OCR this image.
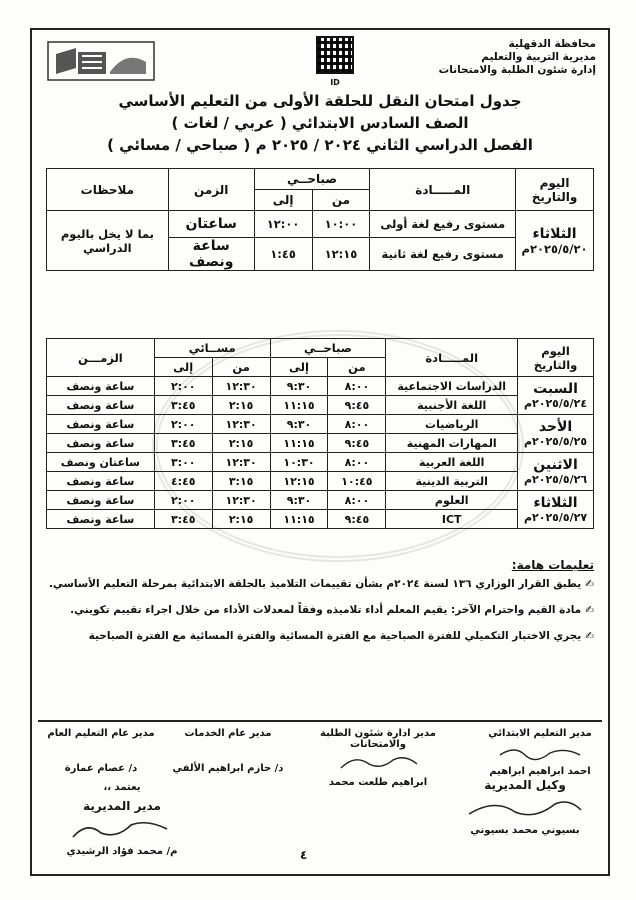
ID
محافظة الدقهلية
مديرية التربية والتعليم
إدارة شئون الطلبة والامتحانات
جدول امتحان النقل للحلقة الأولى من التعليم الأساسي
الصف السادس الابتدائي ( عربي / لغات )
الفصل الدراسي الثاني ٢٠٢٤ / ٢٠٢٥ م ( صباحي / مسائي )
اليوم والتاريخ	المـــــادة	صباحــي		الزمن	ملاحظات
		من	إلى		

الثلاثاء
٢٠٢٥/٥/٢٠م	مستوى رفيع لغة أولى	١٠:٠٠	١٢:٠٠	ساعتان	بما لا يخل باليوم الدراسي
	مستوى رفيع لغة ثانية	١٢:١٥	١:٤٥	ساعة ونصف	
اليوم والتاريخ	المـــــادة	صباحــي		مســائي		الزمـــن
		من	إلى	من	إلى	

السبت
٢٠٢٥/٥/٢٤م	الدراسات الاجتماعية	٨:٠٠	٩:٣٠	١٢:٣٠	٢:٠٠	ساعة ونصف
	اللغة الأجنبية	٩:٤٥	١١:١٥	٢:١٥	٣:٤٥	ساعة ونصف

الأحد
٢٠٢٥/٥/٢٥م	الرياضيات	٨:٠٠	٩:٣٠	١٢:٣٠	٢:٠٠	ساعة ونصف
	المهارات المهنية	٩:٤٥	١١:١٥	٢:١٥	٣:٤٥	ساعة ونصف

الاثنين
٢٠٢٥/٥/٢٦م	اللغة العربية	٨:٠٠	١٠:٣٠	١٢:٣٠	٣:٠٠	ساعتان ونصف
	التربية الدينية	١٠:٤٥	١٢:١٥	٣:١٥	٤:٤٥	ساعة ونصف

الثلاثاء
٢٠٢٥/٥/٢٧م	العلوم	٨:٠٠	٩:٣٠	١٢:٣٠	٢:٠٠	ساعة ونصف
	ICT	٩:٤٥	١١:١٥	٢:١٥	٣:٤٥	ساعة ونصف
تعليمات هامة:
✍يطبق القرار الوزاري ١٣٦ لسنة ٢٠٢٤م بشأن تقييمات التلاميذ بالحلقة الابتدائية بمرحلة التعليم الأساسي.
✍مادة القيم واحترام الآخر: يقيم المعلم أداء تلاميذه وفقاً لمعدلات الأداء من خلال اجراء تقييم تكويني.
✍يجري الاختبار التكميلي للفترة الصباحية مع الفترة المسائية والفترة المسائية مع الفترة الصباحية
مدير التعليم الابتدائي
احمد ابراهيم ابراهيم
مدير ادارة شئون الطلبة والامتحانات
ابراهيم طلعت محمد
مدير عام الخدمات
د/ حازم ابراهيم الألفي
مدير عام التعليم العام
د/ عصام عمارة
وكيل المديرية
بسيوني محمد بسيوني
يعتمد ،،
مدير المديرية
م/ محمد فؤاد الرشيدي	٤
